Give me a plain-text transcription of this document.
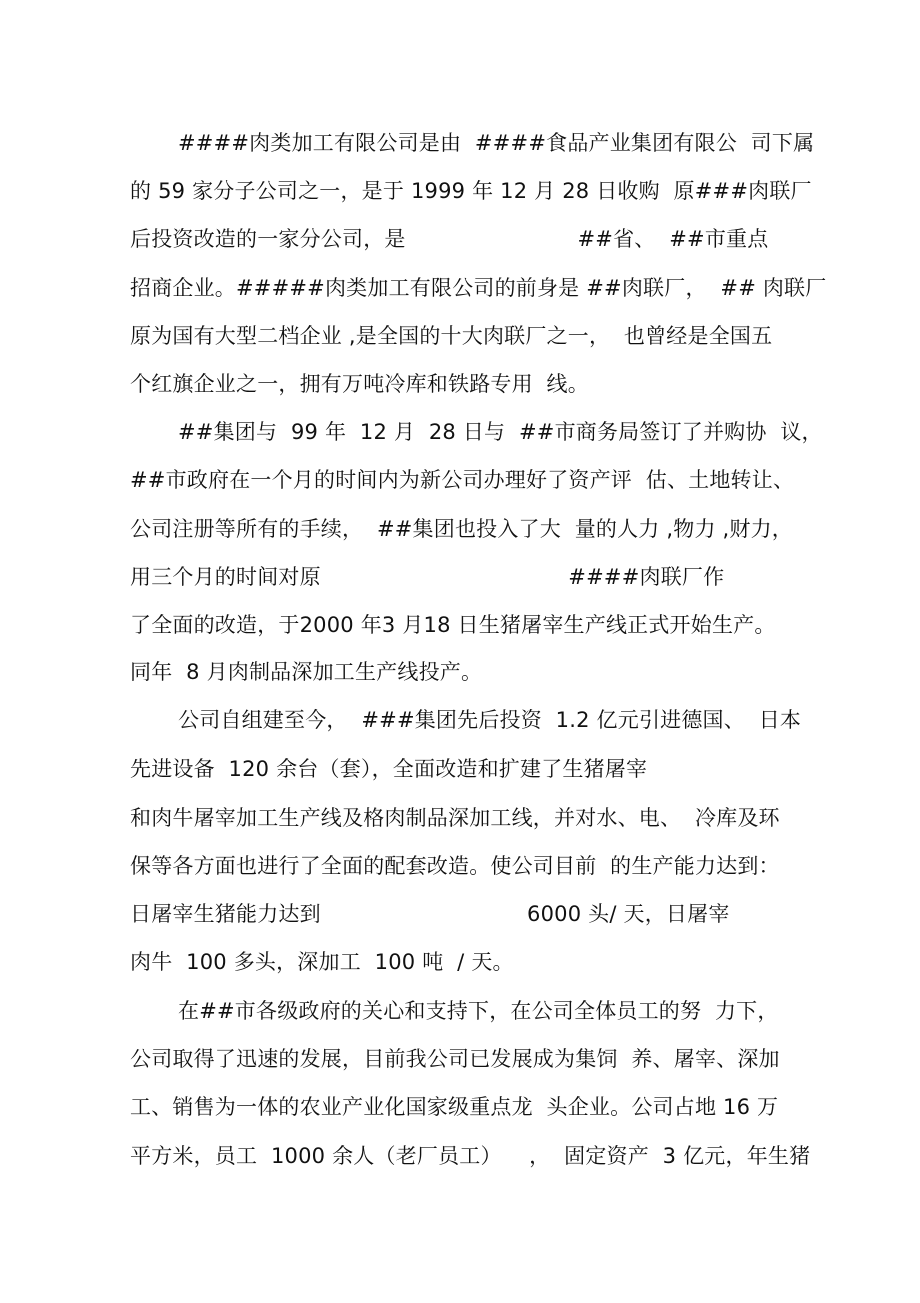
####肉类加工有限公司是由  ####食品产业集团有限公  司下属
的 59 家分子公司之一，是于 1999 年 12 月 28 日收购  原###肉联厂
后投资改造的一家分公司，是                         ##省、  ##市重点
招商企业。#####肉类加工有限公司的前身是 ##肉联厂，  ## 肉联厂
原为国有大型二档企业 ,是全国的十大肉联厂之一，  也曾经是全国五
个红旗企业之一，拥有万吨冷库和铁路专用  线。
##集团与  99 年  12 月  28 日与  ##市商务局签订了并购协  议，
##市政府在一个月的时间内为新公司办理好了资产评  估、土地转让、
公司注册等所有的手续，  ##集团也投入了大  量的人力 ,物力 ,财力，
用三个月的时间对原                                    ####肉联厂作
了全面的改造，于2000 年3 月18 日生猪屠宰生产线正式开始生产。
同年  8 月肉制品深加工生产线投产。
公司自组建至今，  ###集团先后投资  1.2 亿元引进德国、  日本
先进设备  120 余台（套），全面改造和扩建了生猪屠宰
和肉牛屠宰加工生产线及格肉制品深加工线，并对水、电、  冷库及环
保等各方面也进行了全面的配套改造。使公司目前  的生产能力达到：
日屠宰生猪能力达到                              6000 头/ 天，日屠宰
肉牛  100 多头，深加工  100 吨  / 天。
在##市各级政府的关心和支持下，在公司全体员工的努  力下，
公司取得了迅速的发展，目前我公司已发展成为集饲  养、屠宰、深加
工、销售为一体的农业产业化国家级重点龙  头企业。公司占地 16 万
平方米，员工  1000 余人（老厂员工）    ，  固定资产  3 亿元，年生猪
